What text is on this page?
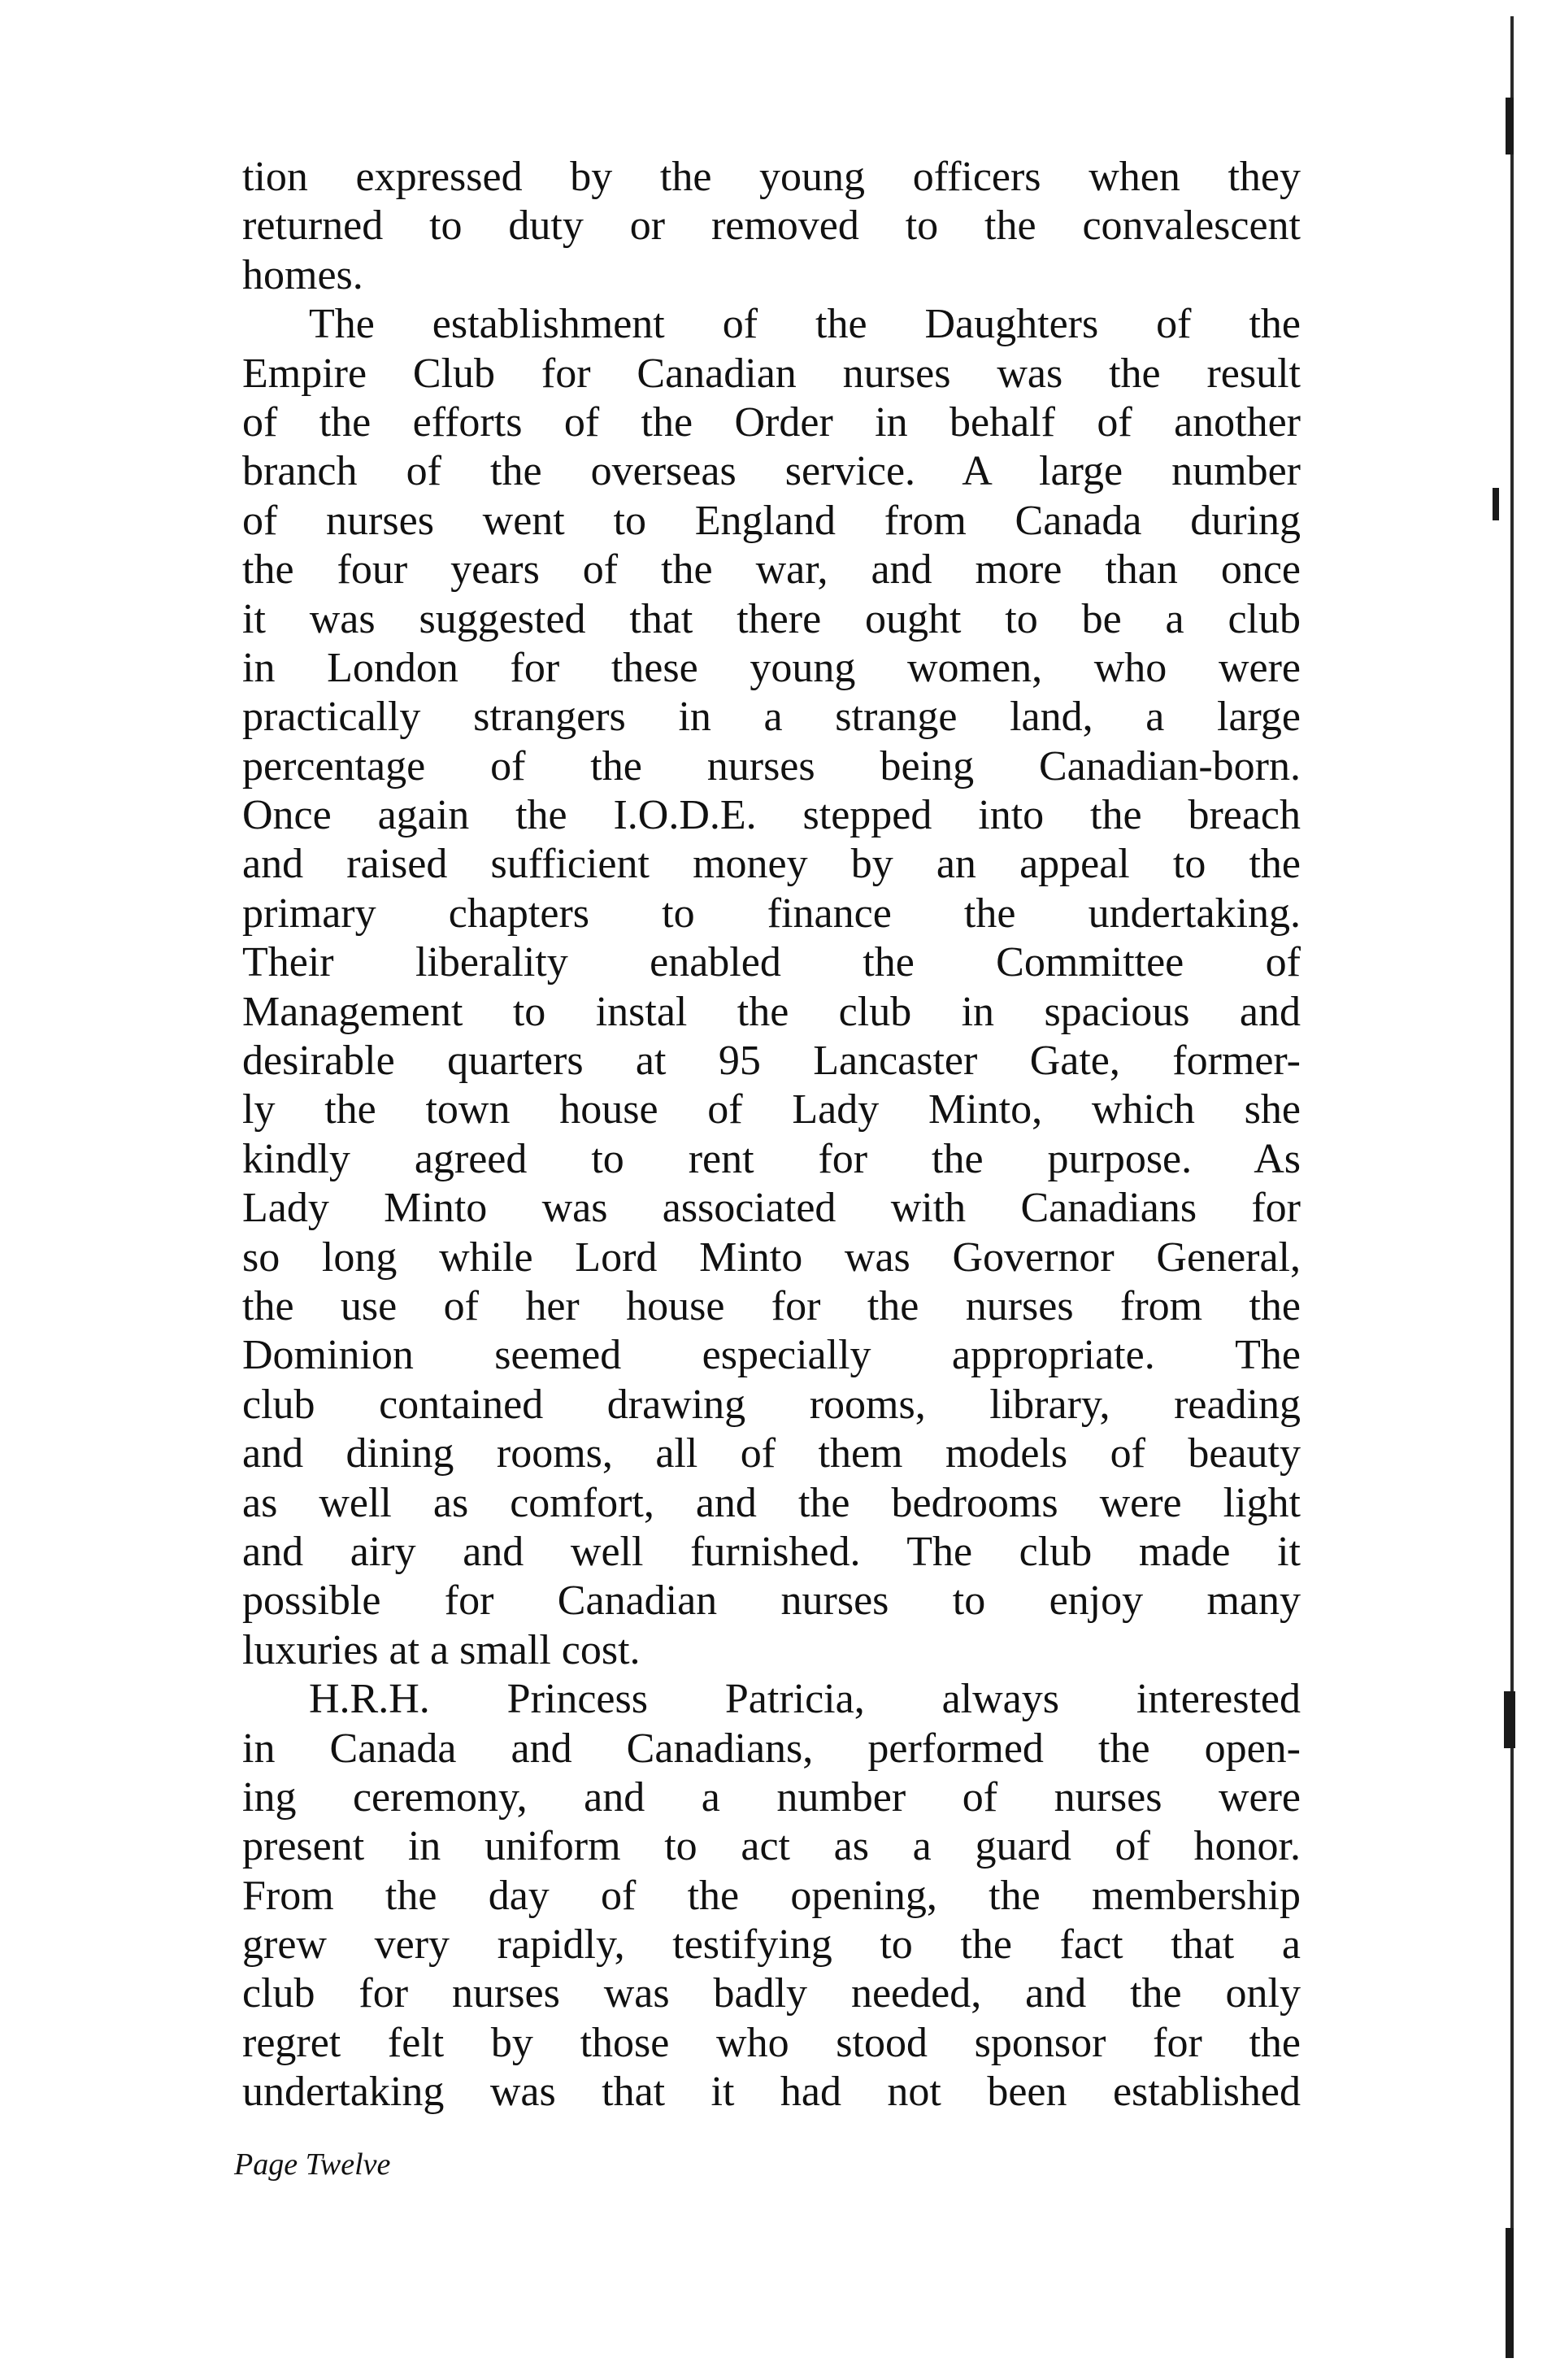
tion expressed by the young officers when they
returned to duty or removed to the convalescent
homes.
The establishment of the Daughters of the
Empire Club for Canadian nurses was the result
of the efforts of the Order in behalf of another
branch of the overseas service. A large number
of nurses went to England from Canada during
the four years of the war, and more than once
it was suggested that there ought to be a club
in London for these young women, who were
practically strangers in a strange land, a large
percentage of the nurses being Canadian-born.
Once again the I.O.D.E. stepped into the breach
and raised sufficient money by an appeal to the
primary chapters to finance the undertaking.
Their liberality enabled the Committee of
Management to instal the club in spacious and
desirable quarters at 95 Lancaster Gate, former-
ly the town house of Lady Minto, which she
kindly agreed to rent for the purpose. As
Lady Minto was associated with Canadians for
so long while Lord Minto was Governor General,
the use of her house for the nurses from the
Dominion seemed especially appropriate. The
club contained drawing rooms, library, reading
and dining rooms, all of them models of beauty
as well as comfort, and the bedrooms were light
and airy and well furnished. The club made it
possible for Canadian nurses to enjoy many
luxuries at a small cost.
H.R.H. Princess Patricia, always interested
in Canada and Canadians, performed the open-
ing ceremony, and a number of nurses were
present in uniform to act as a guard of honor.
From the day of the opening, the membership
grew very rapidly, testifying to the fact that a
club for nurses was badly needed, and the only
regret felt by those who stood sponsor for the
undertaking was that it had not been established
Page Twelve
